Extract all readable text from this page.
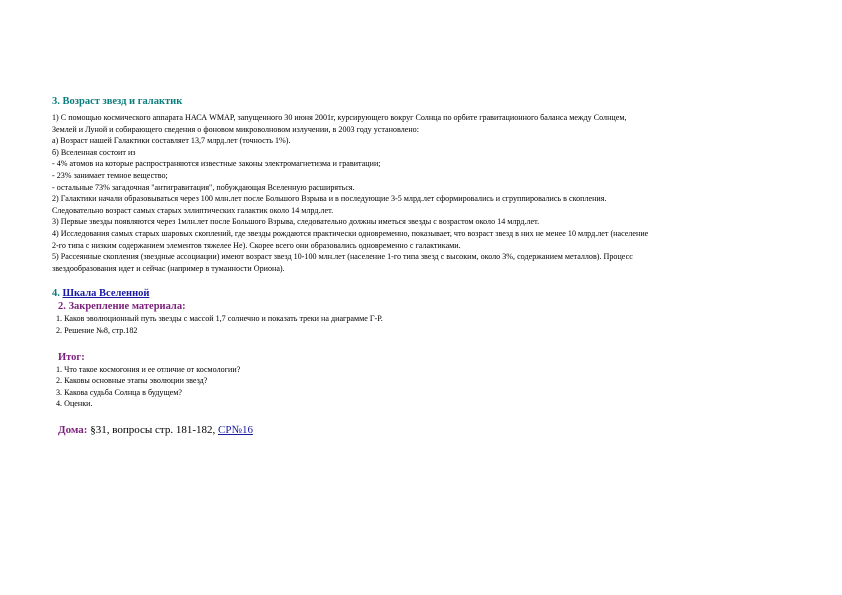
3. Возраст звезд и галактик

1) С помощью космического аппарата НАСА WMAP, запущенного 30 июня 2001г, курсирующего вокруг Солнца по орбите гравитационного баланса между Солнцем,

Землей и Луной и собирающего сведения о фоновом микроволновом излучении, в 2003 году установлено:

а) Возраст нашей Галактики составляет 13,7 млрд.лет (точность 1%).

б) Вселенная состоит из

- 4% атомов на которые распространяются известные законы электромагнетизма и гравитации;

- 23% занимает темное вещество;

- остальные 73% загадочная "антигравитация", побуждающая Вселенную расширяться.

2) Галактики начали образовываться через 100 млн.лет после Большого Взрыва и в последующие 3-5 млрд.лет сформировались и сгруппировались в скопления.

Следовательно возраст самых старых эллиптических галактик около 14 млрд.лет.

3) Первые звезды появляются через 1млн.лет после Большого Взрыва, следовательно должны иметься звезды с возрастом около 14 млрд.лет.

4) Исследования самых старых шаровых скоплений, где звезды рождаются практически одновременно, показывает, что возраст звезд в них не менее 10 млрд.лет (население

2-го типа с низким содержанием элементов тяжелее He). Скорее всего они образовались одновременно с галактиками.

5) Рассеянные скопления (звездные ассоциации) имеют возраст звезд 10-100 млн.лет (население 1-го типа звезд с высоким, около 3%, содержанием металлов). Процесс

звездообразования идет и сейчас (например в туманности Ориона).

4. Шкала Вселенной
2. Закрепление материала:

1. Каков эволюционный путь звезды с массой 1,7 солнечно и показать треки на диаграмме Г-Р.

2. Решение №8, стр.182

Итог:

1. Что такое космогония и ее отличие от космологии?

2. Каковы основные этапы эволюции звезд?

3. Какова судьба Солнца в будущем?

4. Оценки.

Дома: §31, вопросы стр. 181-182, СР№16
